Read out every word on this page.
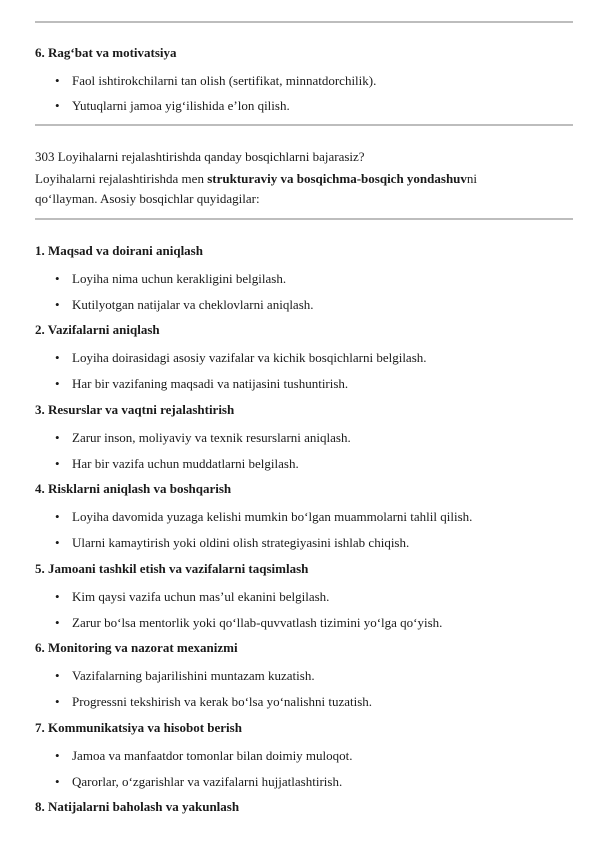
6. Rag‘bat va motivatsiya
• Faol ishtirokchilarni tan olish (sertifikat, minnatdorchilik).
• Yutuqlarni jamoa yig‘ilishida e’lon qilish.
303 Loyihalarni rejalashtirishda qanday bosqichlarni bajarasiz?
Loyihalarni rejalashtirishda men strukturaviy va bosqichma-bosqich yondashuvni
qo‘llayman. Asosiy bosqichlar quyidagilar:
1. Maqsad va doirani aniqlash
• Loyiha nima uchun kerakligini belgilash.
• Kutilyotgan natijalar va cheklovlarni aniqlash.
2. Vazifalarni aniqlash
• Loyiha doirasidagi asosiy vazifalar va kichik bosqichlarni belgilash.
• Har bir vazifaning maqsadi va natijasini tushuntirish.
3. Resurslar va vaqtni rejalashtirish
• Zarur inson, moliyaviy va texnik resurslarni aniqlash.
• Har bir vazifa uchun muddatlarni belgilash.
4. Risklarni aniqlash va boshqarish
• Loyiha davomida yuzaga kelishi mumkin bo‘lgan muammolarni tahlil qilish.
• Ularni kamaytirish yoki oldini olish strategiyasini ishlab chiqish.
5. Jamoani tashkil etish va vazifalarni taqsimlash
• Kim qaysi vazifa uchun mas’ul ekanini belgilash.
• Zarur bo‘lsa mentorlik yoki qo‘llab-quvvatlash tizimini yo‘lga qo‘yish.
6. Monitoring va nazorat mexanizmi
• Vazifalarning bajarilishini muntazam kuzatish.
• Progressni tekshirish va kerak bo‘lsa yo‘nalishni tuzatish.
7. Kommunikatsiya va hisobot berish
• Jamoa va manfaatdor tomonlar bilan doimiy muloqot.
• Qarorlar, o‘zgarishlar va vazifalarni hujjatlashtirish.
8. Natijalarni baholash va yakunlash
